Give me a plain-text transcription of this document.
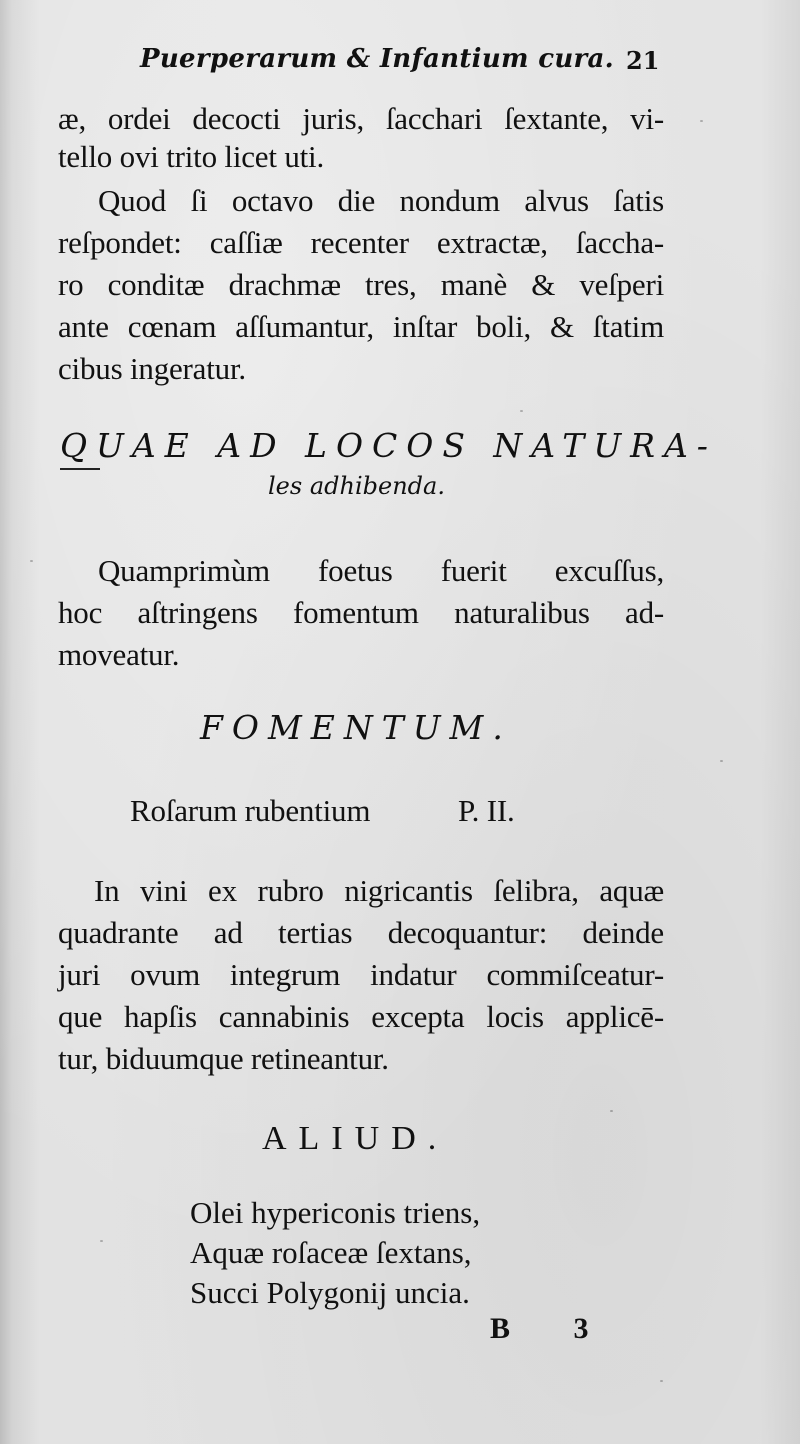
Puerperarum & Infantium cura. 21
æ, ordei decocti juris, ſacchari ſextante, vi-
tello ovi trito licet uti.
Quod ſi octavo die nondum alvus ſatis
reſpondet: caſſiæ recenter extractæ, ſaccha-
ro conditæ drachmæ tres, manè & veſperi
ante cœnam aſſumantur, inſtar boli, & ſtatim
cibus ingeratur.
QUAE AD LOCOS NATURA-
les adhibenda.
Quamprimùm foetus fuerit excuſſus,
hoc aſtringens fomentum naturalibus ad-
moveatur.
FOMENTUM.
Roſarum rubentium	P. II.
In vini ex rubro nigricantis ſelibra, aquæ
quadrante ad tertias decoquantur: deinde
juri ovum integrum indatur commiſceatur-
que hapſis cannabinis excepta locis applicē-
tur, biduumque retineantur.
ALIUD.
Olei hypericonis triens,
Aquæ roſaceæ ſextans,
Succi Polygonij uncia.
B 3
